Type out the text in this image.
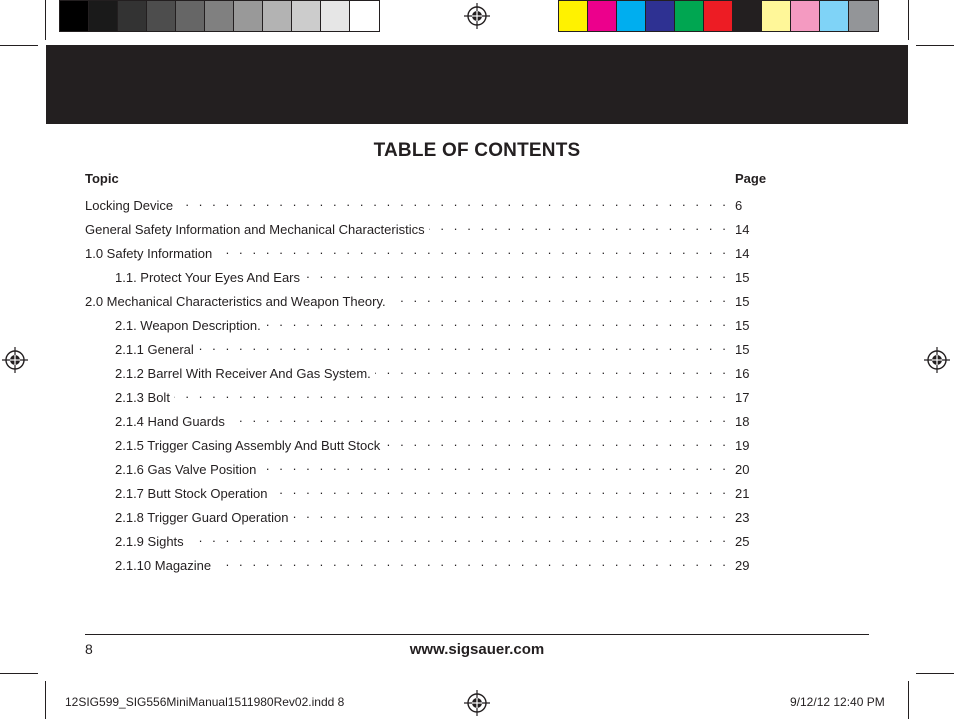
TABLE OF CONTENTS
Topic	Page
Locking Device . . .	6
General Safety Information and Mechanical Characteristics . . .	14
1.0 Safety Information . . .	14
1.1. Protect Your Eyes And Ears . . .	15
2.0 Mechanical Characteristics and Weapon Theory. . . .	15
2.1. Weapon Description. . . .	15
2.1.1 General . . .	15
2.1.2 Barrel With Receiver And Gas System. . . .	16
2.1.3 Bolt . . .	17
2.1.4 Hand Guards . . .	18
2.1.5 Trigger Casing Assembly And Butt Stock . . .	19
2.1.6 Gas Valve Position . . .	20
2.1.7 Butt Stock Operation . . .	21
2.1.8 Trigger Guard Operation . . .	23
2.1.9 Sights . . .	25
2.1.10 Magazine . . .	29
8	www.sigsauer.com
12SIG599_SIG556MiniManual1511980Rev02.indd 8	9/12/12 12:40 PM
